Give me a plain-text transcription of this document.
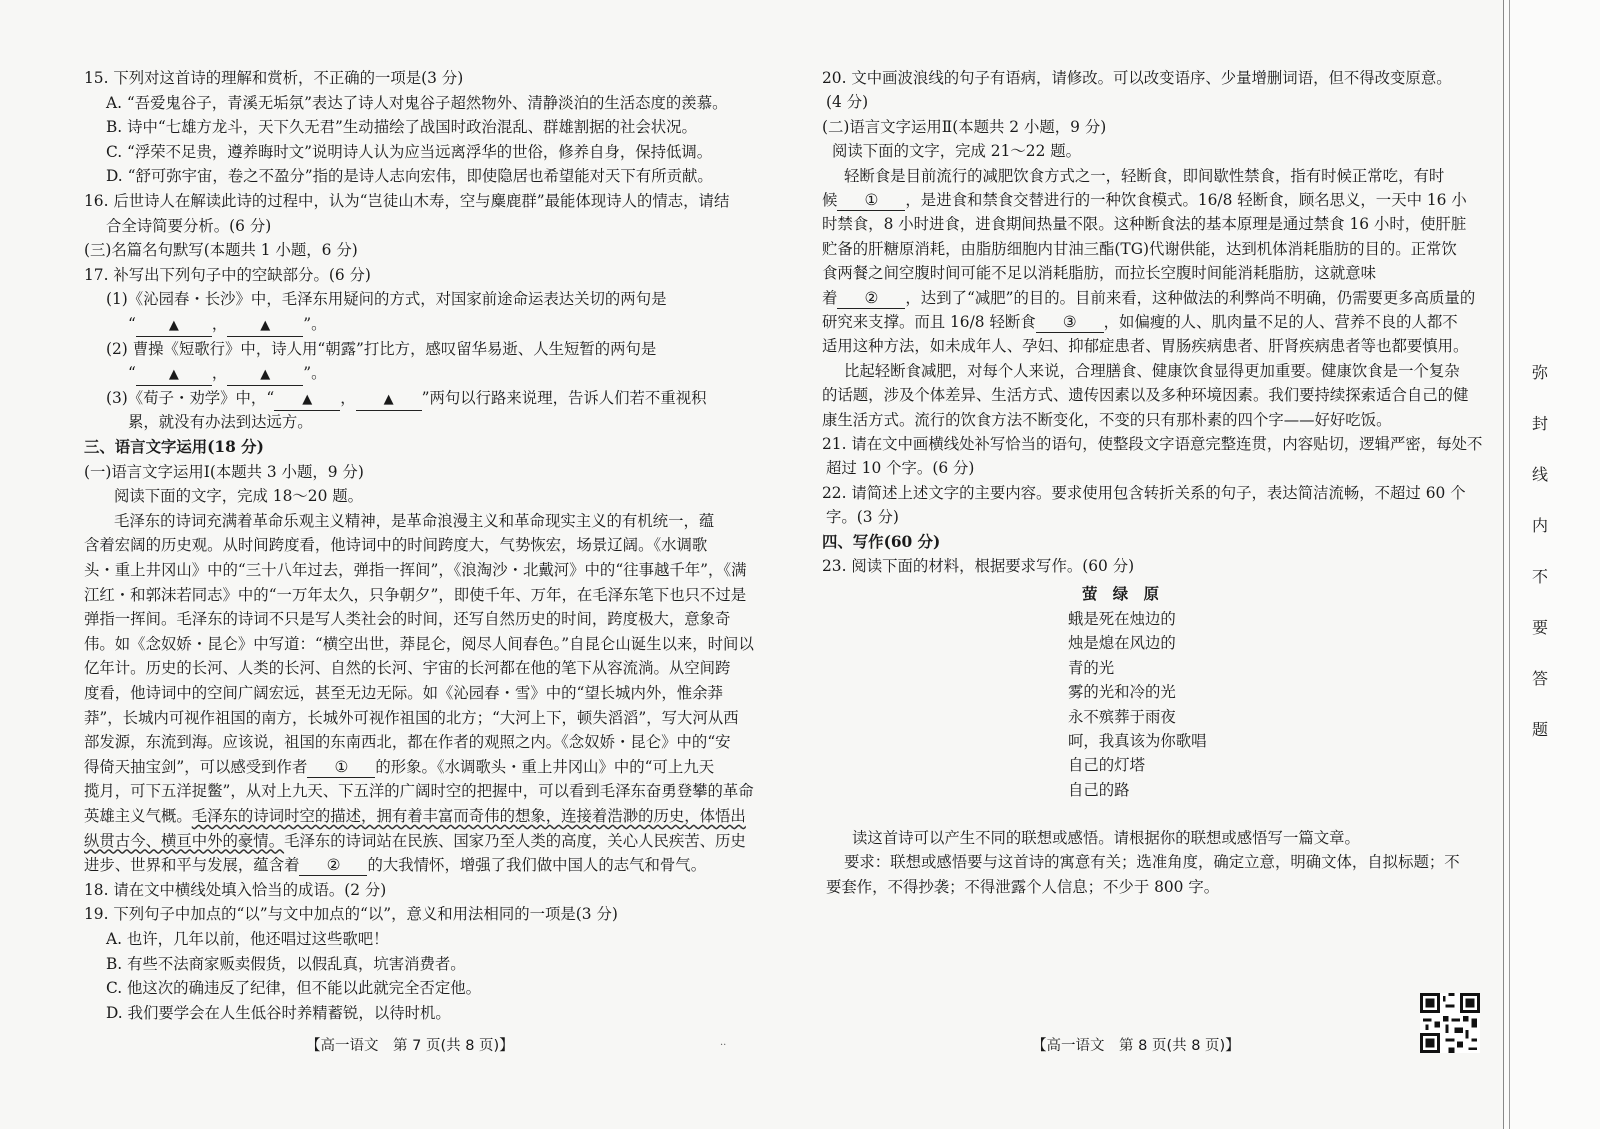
15. 下列对这首诗的理解和赏析，不正确的一项是(3 分)
A. “吾爱鬼谷子，青溪无垢氛”表达了诗人对鬼谷子超然物外、清静淡泊的生活态度的羡慕。
B. 诗中“七雄方龙斗，天下久无君”生动描绘了战国时政治混乱、群雄割据的社会状况。
C. “浮荣不足贵，遵养晦时文”说明诗人认为应当远离浮华的世俗，修养自身，保持低调。
D. “舒可弥宇宙，卷之不盈分”指的是诗人志向宏伟，即使隐居也希望能对天下有所贡献。
16. 后世诗人在解读此诗的过程中，认为“岂徒山木寿，空与麋鹿群”最能体现诗人的情志，请结
合全诗简要分析。(6 分)
(三)名篇名句默写(本题共 1 小题，6 分)
17. 补写出下列句子中的空缺部分。(6 分)
(1)《沁园春・长沙》中，毛泽东用疑问的方式，对国家前途命运表达关切的两句是
“	▲ ，	▲ ”。
(2) 曹操《短歌行》中，诗人用“朝露”打比方，感叹留华易逝、人生短暂的两句是
“	▲ ，	▲ ”。
(3)《荀子・劝学》中，“ ▲ ， ▲ ”两句以行路来说理，告诉人们若不重视积
累，就没有办法到达远方。
三、语言文字运用(18 分)
(一)语言文字运用Ⅰ(本题共 3 小题，9 分)
阅读下面的文字，完成 18～20 题。
毛泽东的诗词充满着革命乐观主义精神，是革命浪漫主义和革命现实主义的有机统一，蕴
含着宏阔的历史观。从时间跨度看，他诗词中的时间跨度大，气势恢宏，场景辽阔。《水调歌
头・重上井冈山》中的“三十八年过去，弹指一挥间”，《浪淘沙・北戴河》中的“往事越千年”，《满
江红・和郭沫若同志》中的“一万年太久，只争朝夕”，即使千年、万年，在毛泽东笔下也只不过是
弹指一挥间。毛泽东的诗词不只是写人类社会的时间，还写自然历史的时间，跨度极大，意象奇
伟。如《念奴娇・昆仑》中写道：“横空出世，莽昆仑，阅尽人间春色。”自昆仑山诞生以来，时间以
亿年计。历史的长河、人类的长河、自然的长河、宇宙的长河都在他的笔下从容流淌。从空间跨
度看，他诗词中的空间广阔宏远，甚至无边无际。如《沁园春・雪》中的“望长城内外，惟余莽
莽”，长城内可视作祖国的南方，长城外可视作祖国的北方；“大河上下，顿失滔滔”，写大河从西
部发源，东流到海。应该说，祖国的东南西北，都在作者的观照之内。《念奴娇・昆仑》中的“安
得倚天抽宝剑”，可以感受到作者 ① 的形象。《水调歌头・重上井冈山》中的“可上九天
揽月，可下五洋捉鳖”，从对上九天、下五洋的广阔时空的把握中，可以看到毛泽东奋勇登攀的革命
英雄主义气概。毛泽东的诗词时空的描述，拥有着丰富而奇伟的想象，连接着浩渺的历史，体悟出
纵贯古今、横亘中外的豪情。毛泽东的诗词站在民族、国家乃至人类的高度，关心人民疾苦、历史
进步、世界和平与发展，蕴含着 ② 的大我情怀，增强了我们做中国人的志气和骨气。
18. 请在文中横线处填入恰当的成语。(2 分)
19. 下列句子中加点的“以”与文中加点的“以”，意义和用法相同的一项是(3 分)
A. 也许，几年以前，他还唱过这些歌吧！
B. 有些不法商家贩卖假货，以假乱真，坑害消费者。
C. 他这次的确违反了纪律，但不能以此就完全否定他。
D. 我们要学会在人生低谷时养精蓄锐，以待时机。
20. 文中画波浪线的句子有语病，请修改。可以改变语序、少量增删词语，但不得改变原意。
(4 分)
(二)语言文字运用Ⅱ(本题共 2 小题，9 分)
阅读下面的文字，完成 21～22 题。
轻断食是目前流行的减肥饮食方式之一，轻断食，即间歇性禁食，指有时候正常吃，有时
候 ① ，是进食和禁食交替进行的一种饮食模式。16/8 轻断食，顾名思义，一天中 16 小
时禁食，8 小时进食，进食期间热量不限。这种断食法的基本原理是通过禁食 16 小时，使肝脏
贮备的肝糖原消耗，由脂肪细胞内甘油三酯(TG)代谢供能，达到机体消耗脂肪的目的。正常饮
食两餐之间空腹时间可能不足以消耗脂肪，而拉长空腹时间能消耗脂肪，这就意味
着 ② ，达到了“减肥”的目的。目前来看，这种做法的利弊尚不明确，仍需要更多高质量的
研究来支撑。而且 16/8 轻断食 ③ ，如偏瘦的人、肌肉量不足的人、营养不良的人都不
适用这种方法，如未成年人、孕妇、抑郁症患者、胃肠疾病患者、肝肾疾病患者等也都要慎用。
比起轻断食减肥，对每个人来说，合理膳食、健康饮食显得更加重要。健康饮食是一个复杂
的话题，涉及个体差异、生活方式、遗传因素以及多种环境因素。我们要持续探索适合自己的健
康生活方式。流行的饮食方法不断变化，不变的只有那朴素的四个字——好好吃饭。
21. 请在文中画横线处补写恰当的语句，使整段文字语意完整连贯，内容贴切，逻辑严密，每处不
超过 10 个字。(6 分)
22. 请简述上述文字的主要内容。要求使用包含转折关系的句子，表达简洁流畅，不超过 60 个
字。(3 分)
四、写作(60 分)
23. 阅读下面的材料，根据要求写作。(60 分)
萤　绿　原
蛾是死在烛边的
烛是熄在风边的
青的光
雾的光和冷的光
永不殡葬于雨夜
呵，我真该为你歌唱
自己的灯塔
自己的路
读这首诗可以产生不同的联想或感悟。请根据你的联想或感悟写一篇文章。
要求：联想或感悟要与这首诗的寓意有关；选准角度，确定立意，明确文体，自拟标题；不
要套作，不得抄袭；不得泄露个人信息；不少于 800 字。
【高一语文　第 7 页(共 8 页)】	【高一语文　第 8 页(共 8 页)】
··
弥
封
线
内
不
要
答
题
